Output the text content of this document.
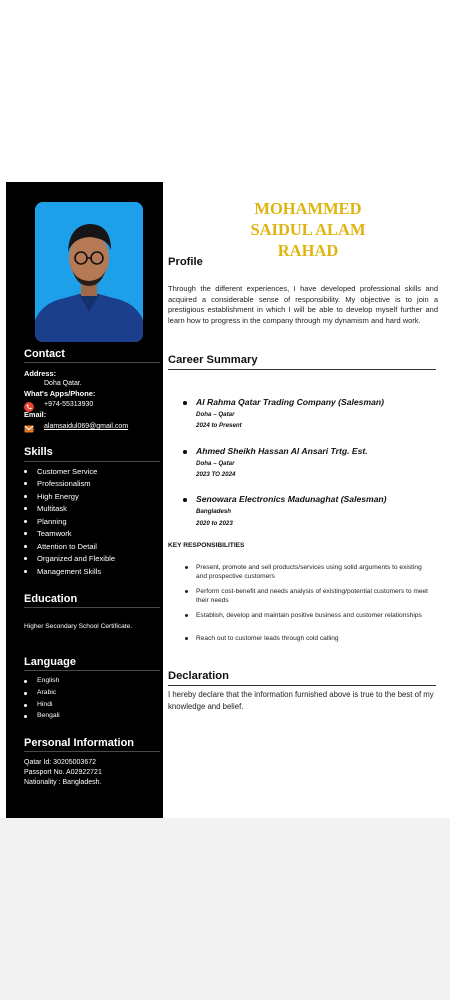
Contact
Address:
Doha Qatar.
What's Apps/Phone:
+974-55313930
Email:
alamsaidul069@gmail.com
Skills
Customer Service
Professionalism
High Energy
Multitask
Planning
Teamwork
Attention to Detail
Organized and Flexible
Management Skills
Education
Higher Secondary School Certificate.
Language
English
Arabic
Hindi
Bengali
Personal Information
Qatar Id: 30205003672
Passport No. A02922721
Nationality : Bangladesh.
MOHAMMED
SAIDUL ALAM
RAHAD
Profile
Through the different experiences, I have developed professional skills and acquired a considerable sense of responsibility. My objective is to join a prestigious establishment in which I will be able to develop myself further and learn how to progress in the company through my dynamism and hard work.
Career Summary
Al Rahma Qatar Trading Company (Salesman)
Doha – Qatar
2024 to Present
Ahmed Sheikh Hassan Al Ansari Trtg. Est.
Doha – Qatar
2023 TO 2024
Senowara Electronics Madunaghat (Salesman)
Bangladesh
2020 to 2023
KEY RESPONSIBILITIES
Present, promote and sell products/services using solid arguments to existing and prospective customers
Perform cost-benefit and needs analysis of existing/potential customers to meet their needs
Establish, develop and maintain positive business and customer relationships
Reach out to customer leads through cold calling
Declaration
I hereby declare that the information furnished above is true to the best of my knowledge and belief.
